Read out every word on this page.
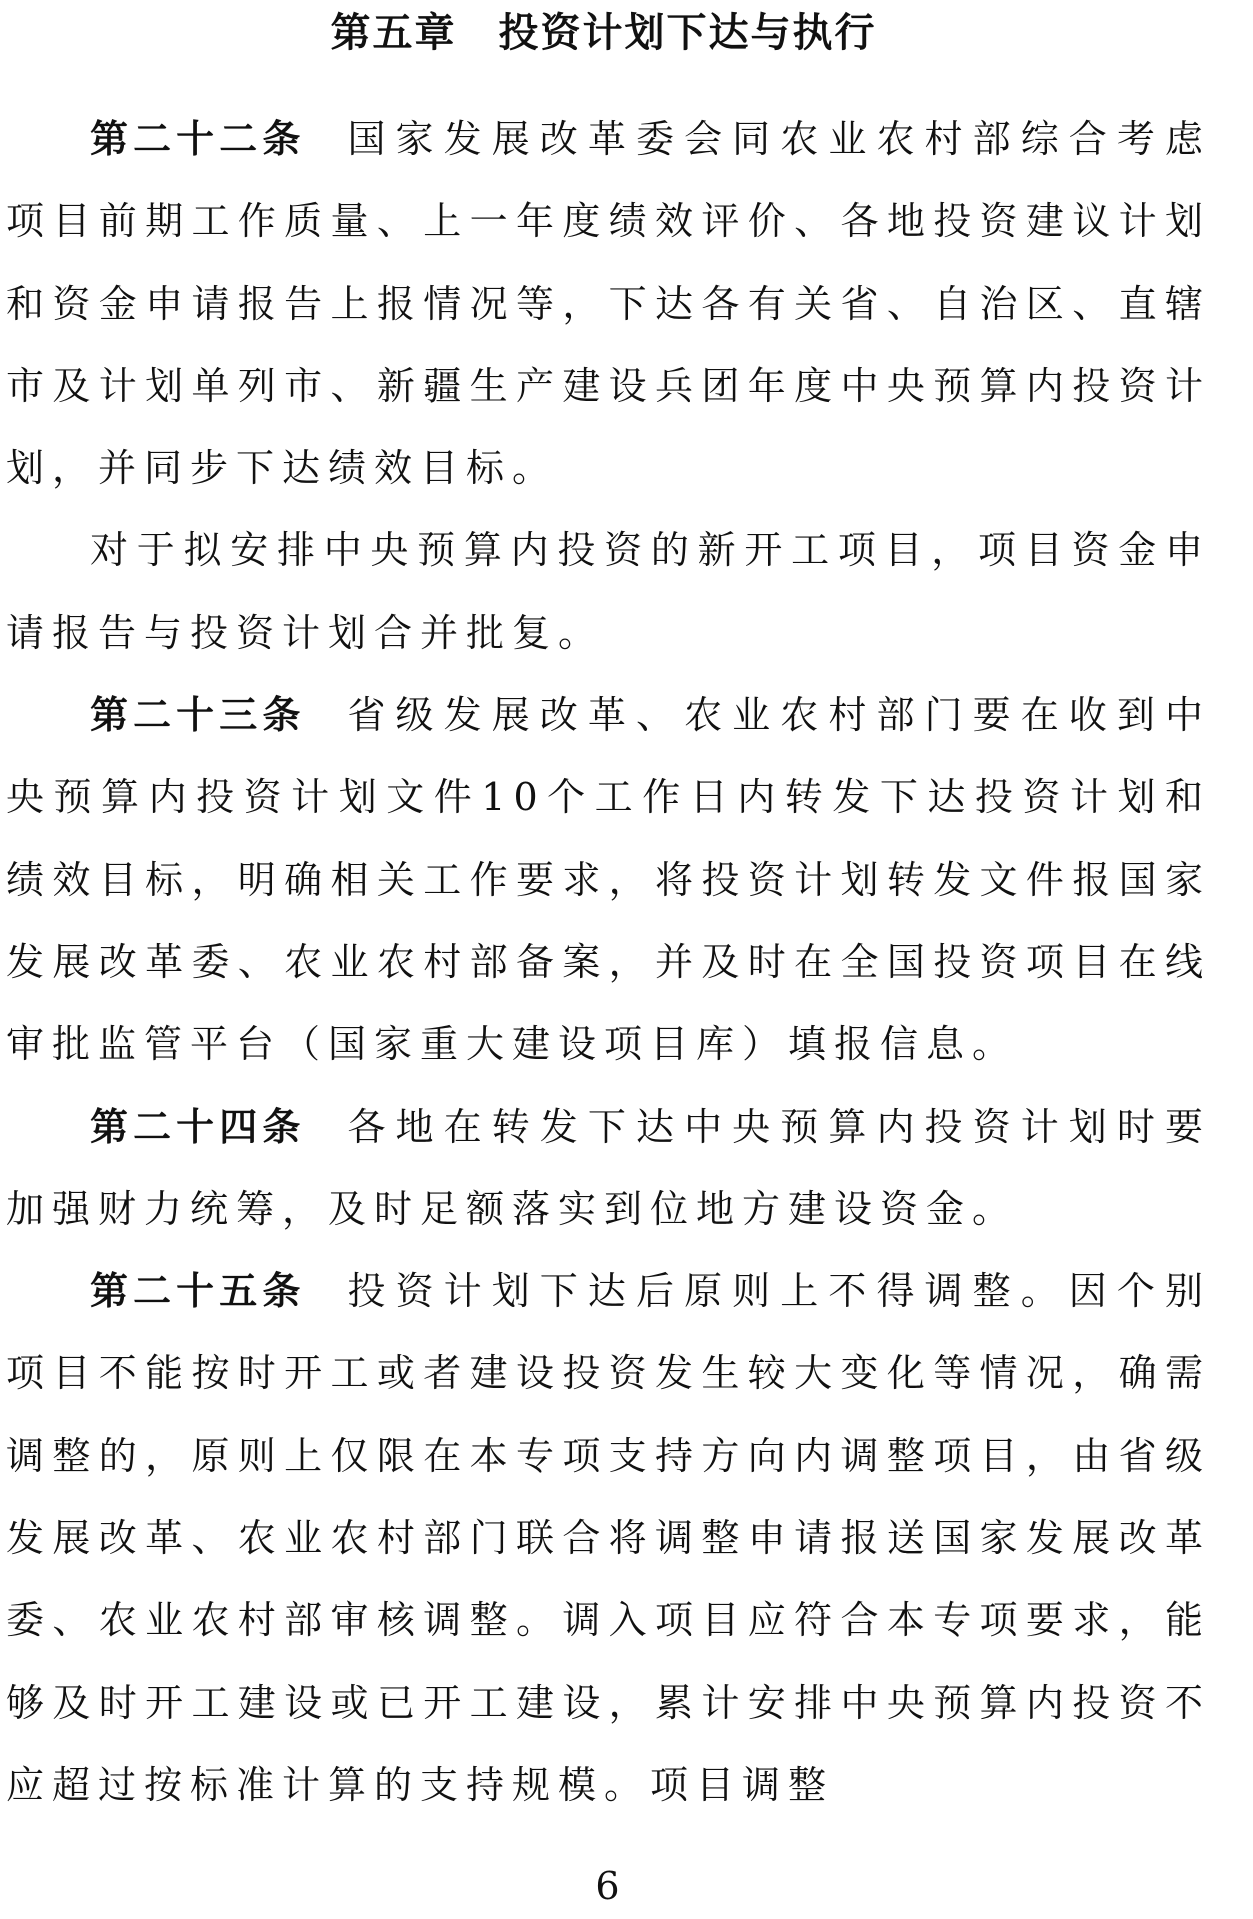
第五章　投资计划下达与执行

第二十二条 国家发展改革委会同农业农村部综合考虑项目前期工作质量、上一年度绩效评价、各地投资建议计划和资金申请报告上报情况等，下达各有关省、自治区、直辖市及计划单列市、新疆生产建设兵团年度中央预算内投资计划，并同步下达绩效目标。

对于拟安排中央预算内投资的新开工项目，项目资金申请报告与投资计划合并批复。

第二十三条 省级发展改革、农业农村部门要在收到中央预算内投资计划文件10个工作日内转发下达投资计划和绩效目标，明确相关工作要求，将投资计划转发文件报国家发展改革委、农业农村部备案，并及时在全国投资项目在线审批监管平台（国家重大建设项目库）填报信息。

第二十四条 各地在转发下达中央预算内投资计划时要加强财力统筹，及时足额落实到位地方建设资金。

第二十五条 投资计划下达后原则上不得调整。因个别项目不能按时开工或者建设投资发生较大变化等情况，确需调整的，原则上仅限在本专项支持方向内调整项目，由省级发展改革、农业农村部门联合将调整申请报送国家发展改革委、农业农村部审核调整。调入项目应符合本专项要求，能够及时开工建设或已开工建设，累计安排中央预算内投资不应超过按标准计算的支持规模。项目调整

6
